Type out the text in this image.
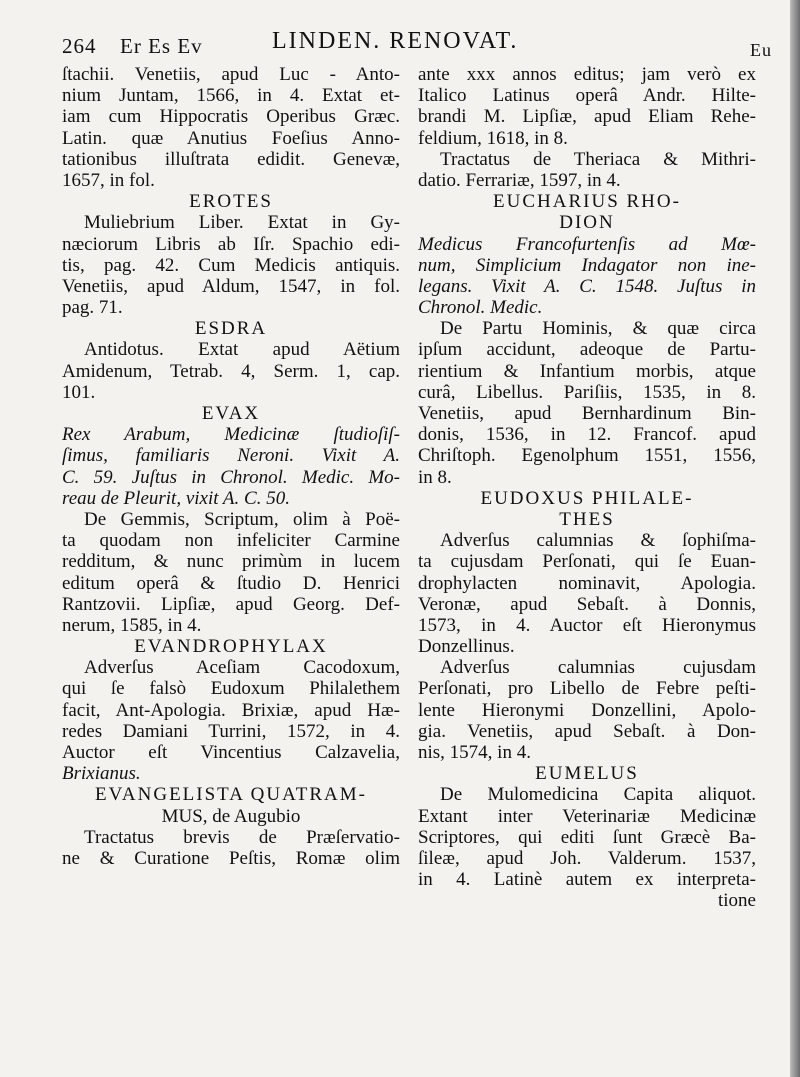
264 Er Es Ev	LINDEN. RENOVAT.	Eu
ſtachii. Venetiis, apud Luc - Anto-
nium Juntam, 1566, in 4. Extat et-
iam cum Hippocratis Operibus Græc.
Latin. quæ Anutius Foeſius Anno-
tationibus illuſtrata edidit. Genevæ,
1657, in fol.
EROTES
Muliebrium Liber. Extat in Gy-
næciorum Libris ab Iſr. Spachio edi-
tis, pag. 42. Cum Medicis antiquis.
Venetiis, apud Aldum, 1547, in fol.
pag. 71.
ESDRA
Antidotus. Extat apud Aëtium
Amidenum, Tetrab. 4, Serm. 1, cap.
101.
EVAX
Rex Arabum, Medicinæ ſtudioſiſ-
ſimus, familiaris Neroni. Vixit A.
C. 59. Juſtus in Chronol. Medic. Mo-
reau de Pleurit, vixit A. C. 50.
De Gemmis, Scriptum, olim à Poë-
ta quodam non infeliciter Carmine
redditum, & nunc primùm in lucem
editum operâ & ſtudio D. Henrici
Rantzovii. Lipſiæ, apud Georg. Def-
nerum, 1585, in 4.
EVANDROPHYLAX
Adverſus Aceſiam Cacodoxum,
qui ſe falsò Eudoxum Philalethem
facit, Ant-Apologia. Brixiæ, apud Hæ-
redes Damiani Turrini, 1572, in 4.
Auctor eſt Vincentius Calzavelia,
Brixianus.
EVANGELISTA QUATRAM-
MUS, de Augubio
Tractatus brevis de Præſervatio-
ne & Curatione Peſtis, Romæ olim
ante xxx annos editus; jam verò ex
Italico Latinus operâ Andr. Hilte-
brandi M. Lipſiæ, apud Eliam Rehe-
feldium, 1618, in 8.
Tractatus de Theriaca & Mithri-
datio. Ferrariæ, 1597, in 4.
EUCHARIUS RHO-
DION
Medicus Francofurtenſis ad Mœ-
num, Simplicium Indagator non ine-
legans. Vixit A. C. 1548. Juſtus in
Chronol. Medic.
De Partu Hominis, & quæ circa
ipſum accidunt, adeoque de Partu-
rientium & Infantium morbis, atque
curâ, Libellus. Pariſiis, 1535, in 8.
Venetiis, apud Bernhardinum Bin-
donis, 1536, in 12. Francof. apud
Chriſtoph. Egenolphum 1551, 1556,
in 8.
EUDOXUS PHILALE-
THES
Adverſus calumnias & ſophiſma-
ta cujusdam Perſonati, qui ſe Euan-
drophylacten nominavit, Apologia.
Veronæ, apud Sebaſt. à Donnis,
1573, in 4. Auctor eſt Hieronymus
Donzellinus.
Adverſus calumnias cujusdam
Perſonati, pro Libello de Febre peſti-
lente Hieronymi Donzellini, Apolo-
gia. Venetiis, apud Sebaſt. à Don-
nis, 1574, in 4.
EUMELUS
De Mulomedicina Capita aliquot.
Extant inter Veterinariæ Medicinæ
Scriptores, qui editi ſunt Græcè Ba-
ſileæ, apud Joh. Valderum. 1537,
in 4. Latinè autem ex interpreta-
tione
